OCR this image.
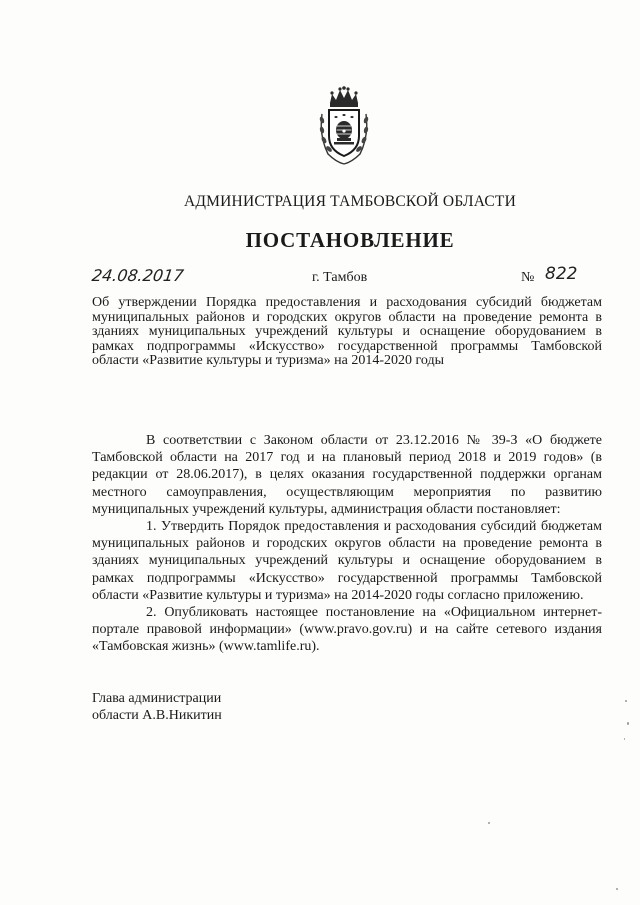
АДМИНИСТРАЦИЯ ТАМБОВСКОЙ ОБЛАСТИ
ПОСТАНОВЛЕНИЕ
24.08.2017	г. Тамбов	№ 822
Об утверждении Порядка предоставления и расходования субсидий бюджетам муниципальных районов и городских округов области на проведение ремонта в зданиях муниципальных учреждений культуры и оснащение оборудованием в рамках подпрограммы «Искусство» государственной программы Тамбовской области «Развитие культуры и туризма» на 2014-2020 годы

В соответствии с Законом области от 23.12.2016 № 39-З «О бюджете Тамбовской области на 2017 год и на плановый период 2018 и 2019 годов» (в редакции от 28.06.2017), в целях оказания государственной поддержки органам местного самоуправления, осуществляющим мероприятия по развитию муниципальных учреждений культуры, администрация области постановляет:

1. Утвердить Порядок предоставления и расходования субсидий бюджетам муниципальных районов и городских округов области на проведение ремонта в зданиях муниципальных учреждений культуры и оснащение оборудованием в рамках подпрограммы «Искусство» государственной программы Тамбовской области «Развитие культуры и туризма» на 2014-2020 годы согласно приложению.

2. Опубликовать настоящее постановление на «Официальном интернет-портале правовой информации» (www.pravo.gov.ru) и на сайте сетевого издания «Тамбовская жизнь» (www.tamlife.ru).

Глава администрации
области А.В.Никитин
